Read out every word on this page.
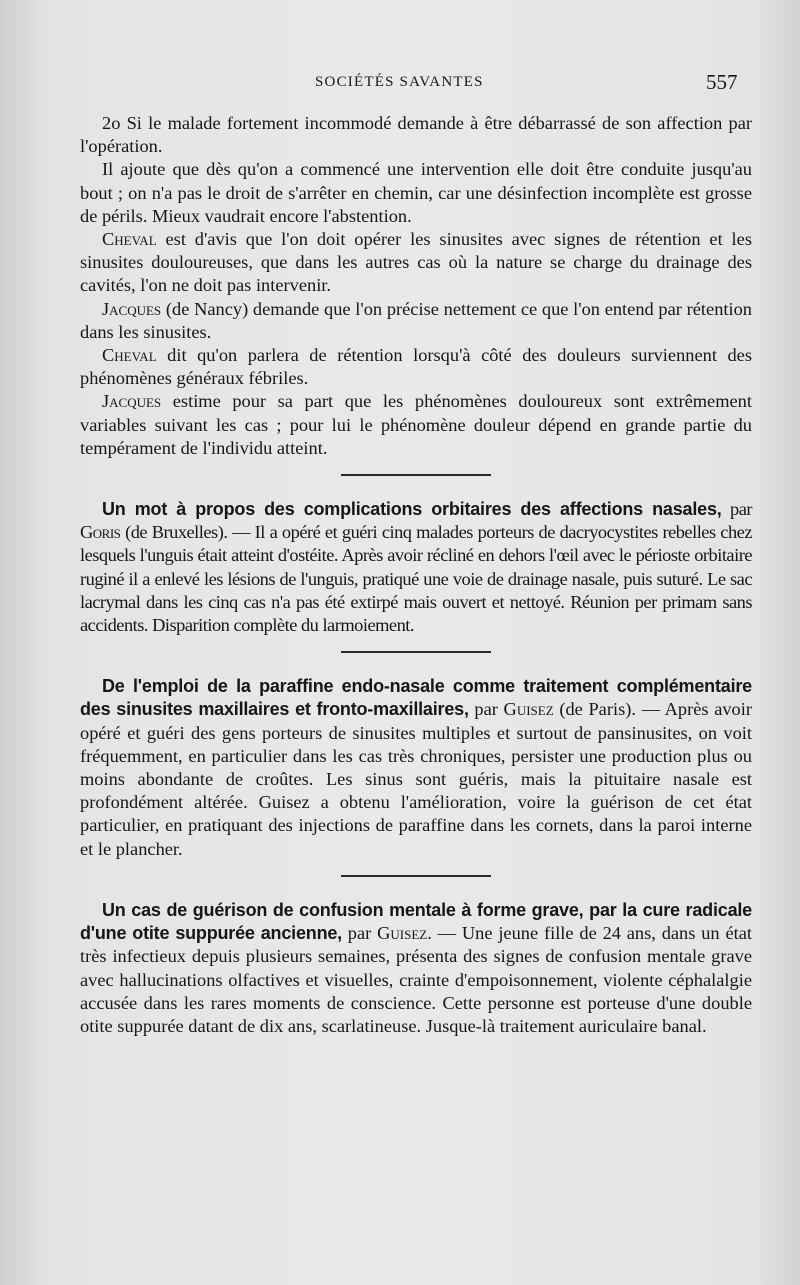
SOCIÉTÉS SAVANTES	557

2o Si le malade fortement incommodé demande à être débarrassé de son affection par l'opération.

Il ajoute que dès qu'on a commencé une intervention elle doit être conduite jusqu'au bout ; on n'a pas le droit de s'arrêter en chemin, car une désinfection incomplète est grosse de périls. Mieux vaudrait encore l'abstention.

Cheval est d'avis que l'on doit opérer les sinusites avec signes de rétention et les sinusites douloureuses, que dans les autres cas où la nature se charge du drainage des cavités, l'on ne doit pas intervenir.

Jacques (de Nancy) demande que l'on précise nettement ce que l'on entend par rétention dans les sinusites.

Cheval dit qu'on parlera de rétention lorsqu'à côté des douleurs surviennent des phénomènes généraux fébriles.

Jacques estime pour sa part que les phénomènes douloureux sont extrêmement variables suivant les cas ; pour lui le phénomène douleur dépend en grande partie du tempérament de l'individu atteint.

Un mot à propos des complications orbitaires des affections nasales, par Goris (de Bruxelles). — Il a opéré et guéri cinq malades porteurs de dacryocystites rebelles chez lesquels l'unguis était atteint d'ostéite. Après avoir récliné en dehors l'œil avec le périoste orbitaire ruginé il a enlevé les lésions de l'unguis, pratiqué une voie de drainage nasale, puis suturé. Le sac lacrymal dans les cinq cas n'a pas été extirpé mais ouvert et nettoyé. Réunion per primam sans accidents. Disparition complète du larmoiement.

De l'emploi de la paraffine endo-nasale comme traitement complémentaire des sinusites maxillaires et fronto-maxillaires, par Guisez (de Paris). — Après avoir opéré et guéri des gens porteurs de sinusites multiples et surtout de pansinusites, on voit fréquemment, en particulier dans les cas très chroniques, persister une production plus ou moins abondante de croûtes. Les sinus sont guéris, mais la pituitaire nasale est profondément altérée. Guisez a obtenu l'amélioration, voire la guérison de cet état particulier, en pratiquant des injections de paraffine dans les cornets, dans la paroi interne et le plancher.

Un cas de guérison de confusion mentale à forme grave, par la cure radicale d'une otite suppurée ancienne, par Guisez. — Une jeune fille de 24 ans, dans un état très infectieux depuis plusieurs semaines, présenta des signes de confusion mentale grave avec hallucinations olfactives et visuelles, crainte d'empoisonnement, violente céphalalgie accusée dans les rares moments de conscience. Cette personne est porteuse d'une double otite suppurée datant de dix ans, scarlatineuse. Jusque-là traitement auriculaire banal.
